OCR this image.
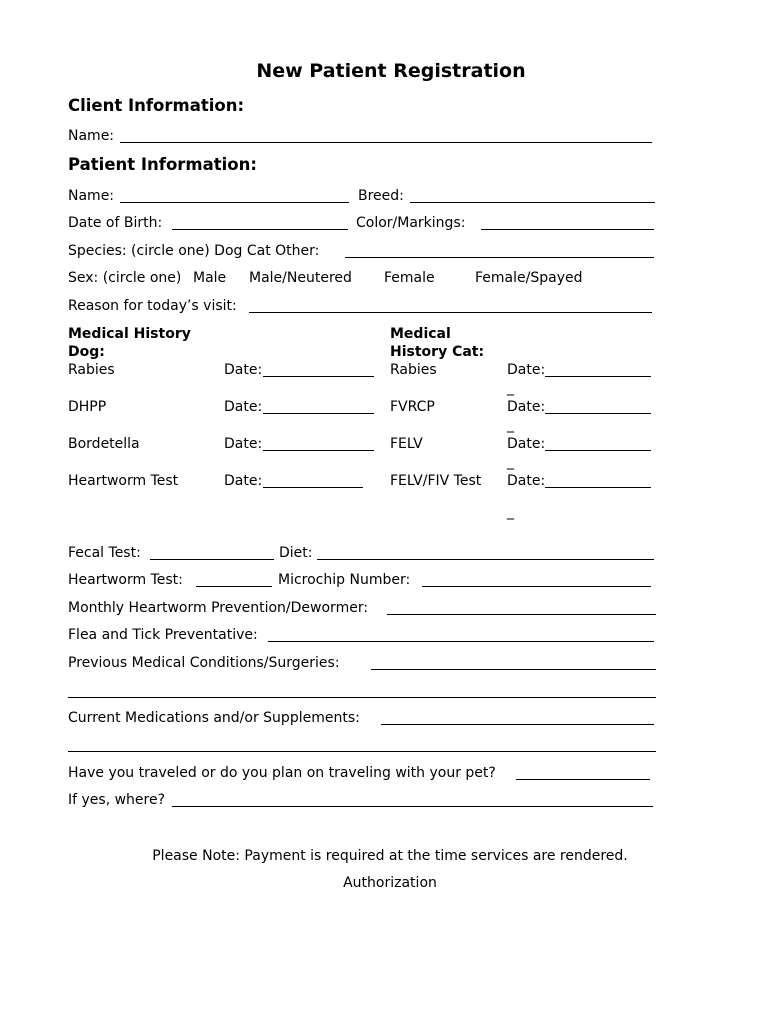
New Patient Registration
Client Information:
Name:
Patient Information:
Name:	Breed:
Date of Birth:	Color/Markings:
Species: (circle one) Dog Cat Other:
Sex: (circle one) Male Male/Neutered Female	Female/Spayed
Reason for today’s visit:
Medical History
Dog:
Medical
History Cat:
Rabies	Date:	Rabies	Date:
_
DHPP	Date:	FVRCP	Date:
_
Bordetella	Date:	FELV	Date:
_
Heartworm Test	Date:	FELV/FIV Test Date:
_
Fecal Test:	Diet:
Heartworm Test:	Microchip Number:
Monthly Heartworm Prevention/Dewormer:
Flea and Tick Preventative:
Previous Medical Conditions/Surgeries:
Current Medications and/or Supplements:
Have you traveled or do you plan on traveling with your pet?
If yes, where?
Please Note: Payment is required at the time services are rendered.
Authorization
